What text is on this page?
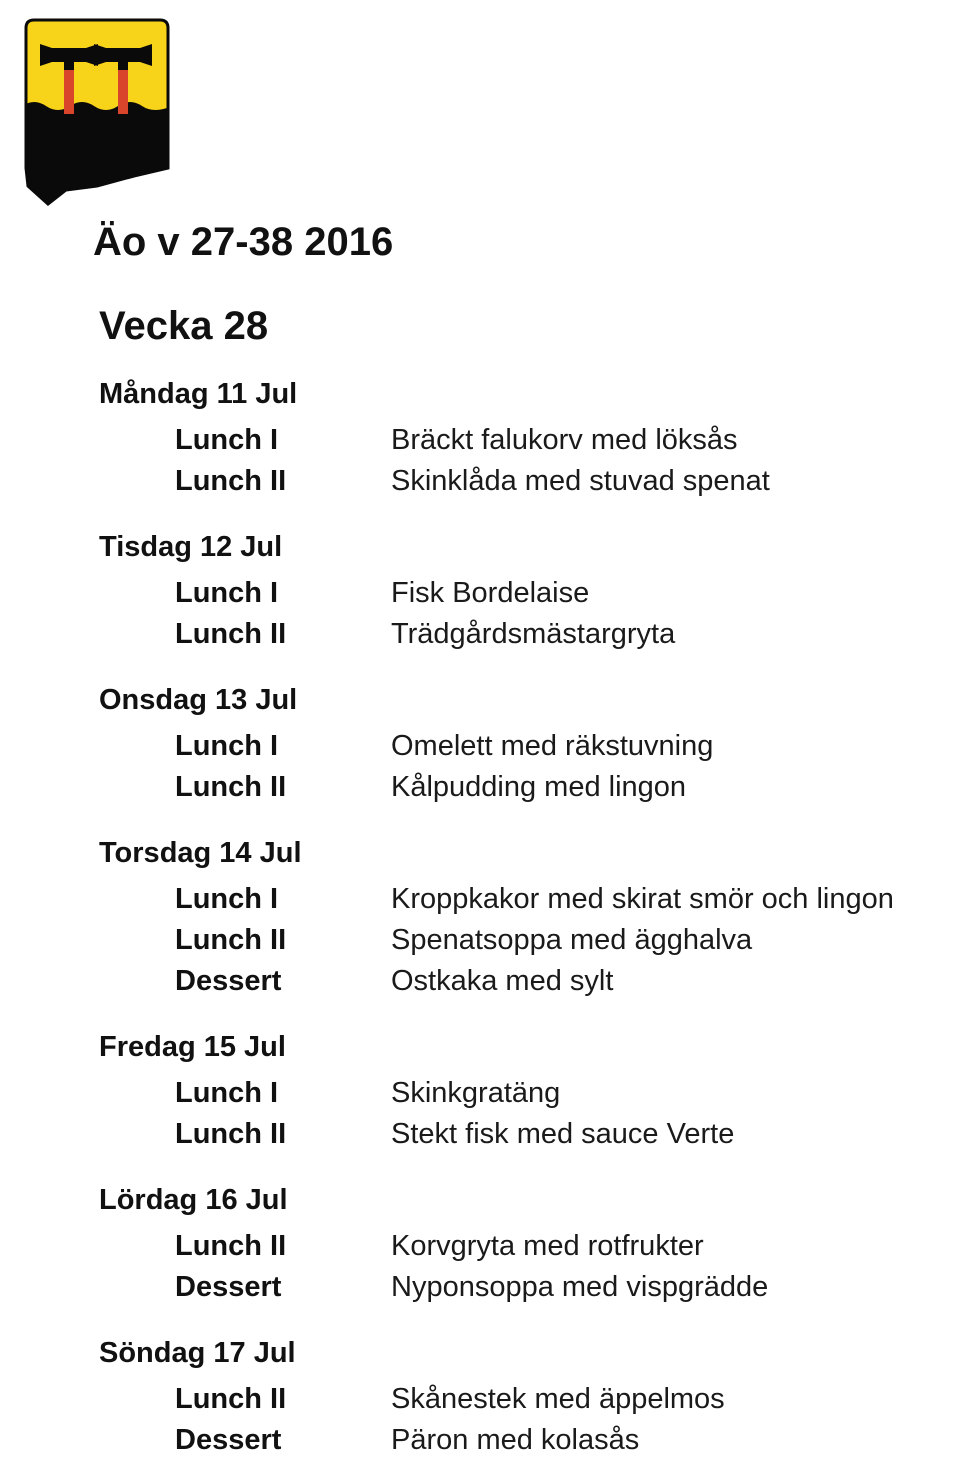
Äo v 27-38 2016
Vecka 28
Måndag 11 Jul
Lunch I	Bräckt falukorv med löksås
Lunch II	Skinklåda med stuvad spenat
Tisdag 12 Jul
Lunch I	Fisk Bordelaise
Lunch II	Trädgårdsmästargryta
Onsdag 13 Jul
Lunch I	Omelett med räkstuvning
Lunch II	Kålpudding med lingon
Torsdag 14 Jul
Lunch I	Kroppkakor med skirat smör och lingon
Lunch II	Spenatsoppa med ägghalva
Dessert	Ostkaka med sylt
Fredag 15 Jul
Lunch I	Skinkgratäng
Lunch II	Stekt fisk med sauce Verte
Lördag 16 Jul
Lunch II	Korvgryta med rotfrukter
Dessert	Nyponsoppa med vispgrädde
Söndag 17 Jul
Lunch II	Skånestek med äppelmos
Dessert	Päron med kolasås
